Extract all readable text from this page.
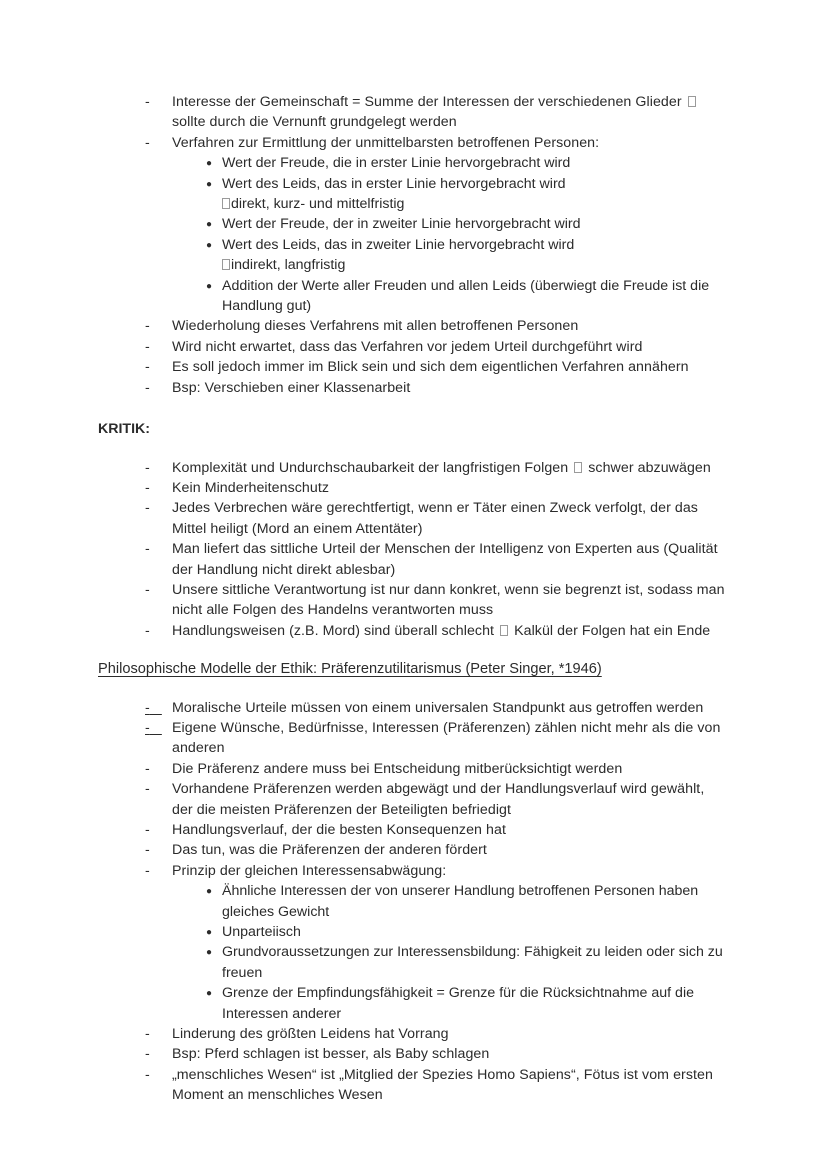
- Interesse der Gemeinschaft = Summe der Interessen der verschiedenen Glieder  sollte durch die Vernunft grundgelegt werden
- Verfahren zur Ermittlung der unmittelbarsten betroffenen Personen:
● Wert der Freude, die in erster Linie hervorgebracht wird
● Wert des Leids, das in erster Linie hervorgebracht wird
direkt, kurz- und mittelfristig
● Wert der Freude, der in zweiter Linie hervorgebracht wird
● Wert des Leids, das in zweiter Linie hervorgebracht wird
indirekt, langfristig
● Addition der Werte aller Freuden und allen Leids (überwiegt die Freude ist die Handlung gut)
- Wiederholung dieses Verfahrens mit allen betroffenen Personen
- Wird nicht erwartet, dass das Verfahren vor jedem Urteil durchgeführt wird
- Es soll jedoch immer im Blick sein und sich dem eigentlichen Verfahren annähern
- Bsp: Verschieben einer Klassenarbeit

KRITIK:

- Komplexität und Undurchschaubarkeit der langfristigen Folgen  schwer abzuwägen
- Kein Minderheitenschutz
- Jedes Verbrechen wäre gerechtfertigt, wenn er Täter einen Zweck verfolgt, der das Mittel heiligt (Mord an einem Attentäter)
- Man liefert das sittliche Urteil der Menschen der Intelligenz von Experten aus (Qualität der Handlung nicht direkt ablesbar)
- Unsere sittliche Verantwortung ist nur dann konkret, wenn sie begrenzt ist, sodass man nicht alle Folgen des Handelns verantworten muss
- Handlungsweisen (z.B. Mord) sind überall schlecht  Kalkül der Folgen hat ein Ende

Philosophische Modelle der Ethik: Präferenzutilitarismus (Peter Singer, *1946)

-	Moralische Urteile müssen von einem universalen Standpunkt aus getroffen werden
-	Eigene Wünsche, Bedürfnisse, Interessen (Präferenzen) zählen nicht mehr als die von anderen
- Die Präferenz andere muss bei Entscheidung mitberücksichtigt werden
- Vorhandene Präferenzen werden abgewägt und der Handlungsverlauf wird gewählt, der die meisten Präferenzen der Beteiligten befriedigt
- Handlungsverlauf, der die besten Konsequenzen hat
- Das tun, was die Präferenzen der anderen fördert
- Prinzip der gleichen Interessensabwägung:
● Ähnliche Interessen der von unserer Handlung betroffenen Personen haben gleiches Gewicht
● Unparteiisch
● Grundvoraussetzungen zur Interessensbildung: Fähigkeit zu leiden oder sich zu freuen
● Grenze der Empfindungsfähigkeit = Grenze für die Rücksichtnahme auf die Interessen anderer
- Linderung des größten Leidens hat Vorrang
- Bsp: Pferd schlagen ist besser, als Baby schlagen
- „menschliches Wesen“ ist „Mitglied der Spezies Homo Sapiens“, Fötus ist vom ersten Moment an menschliches Wesen
